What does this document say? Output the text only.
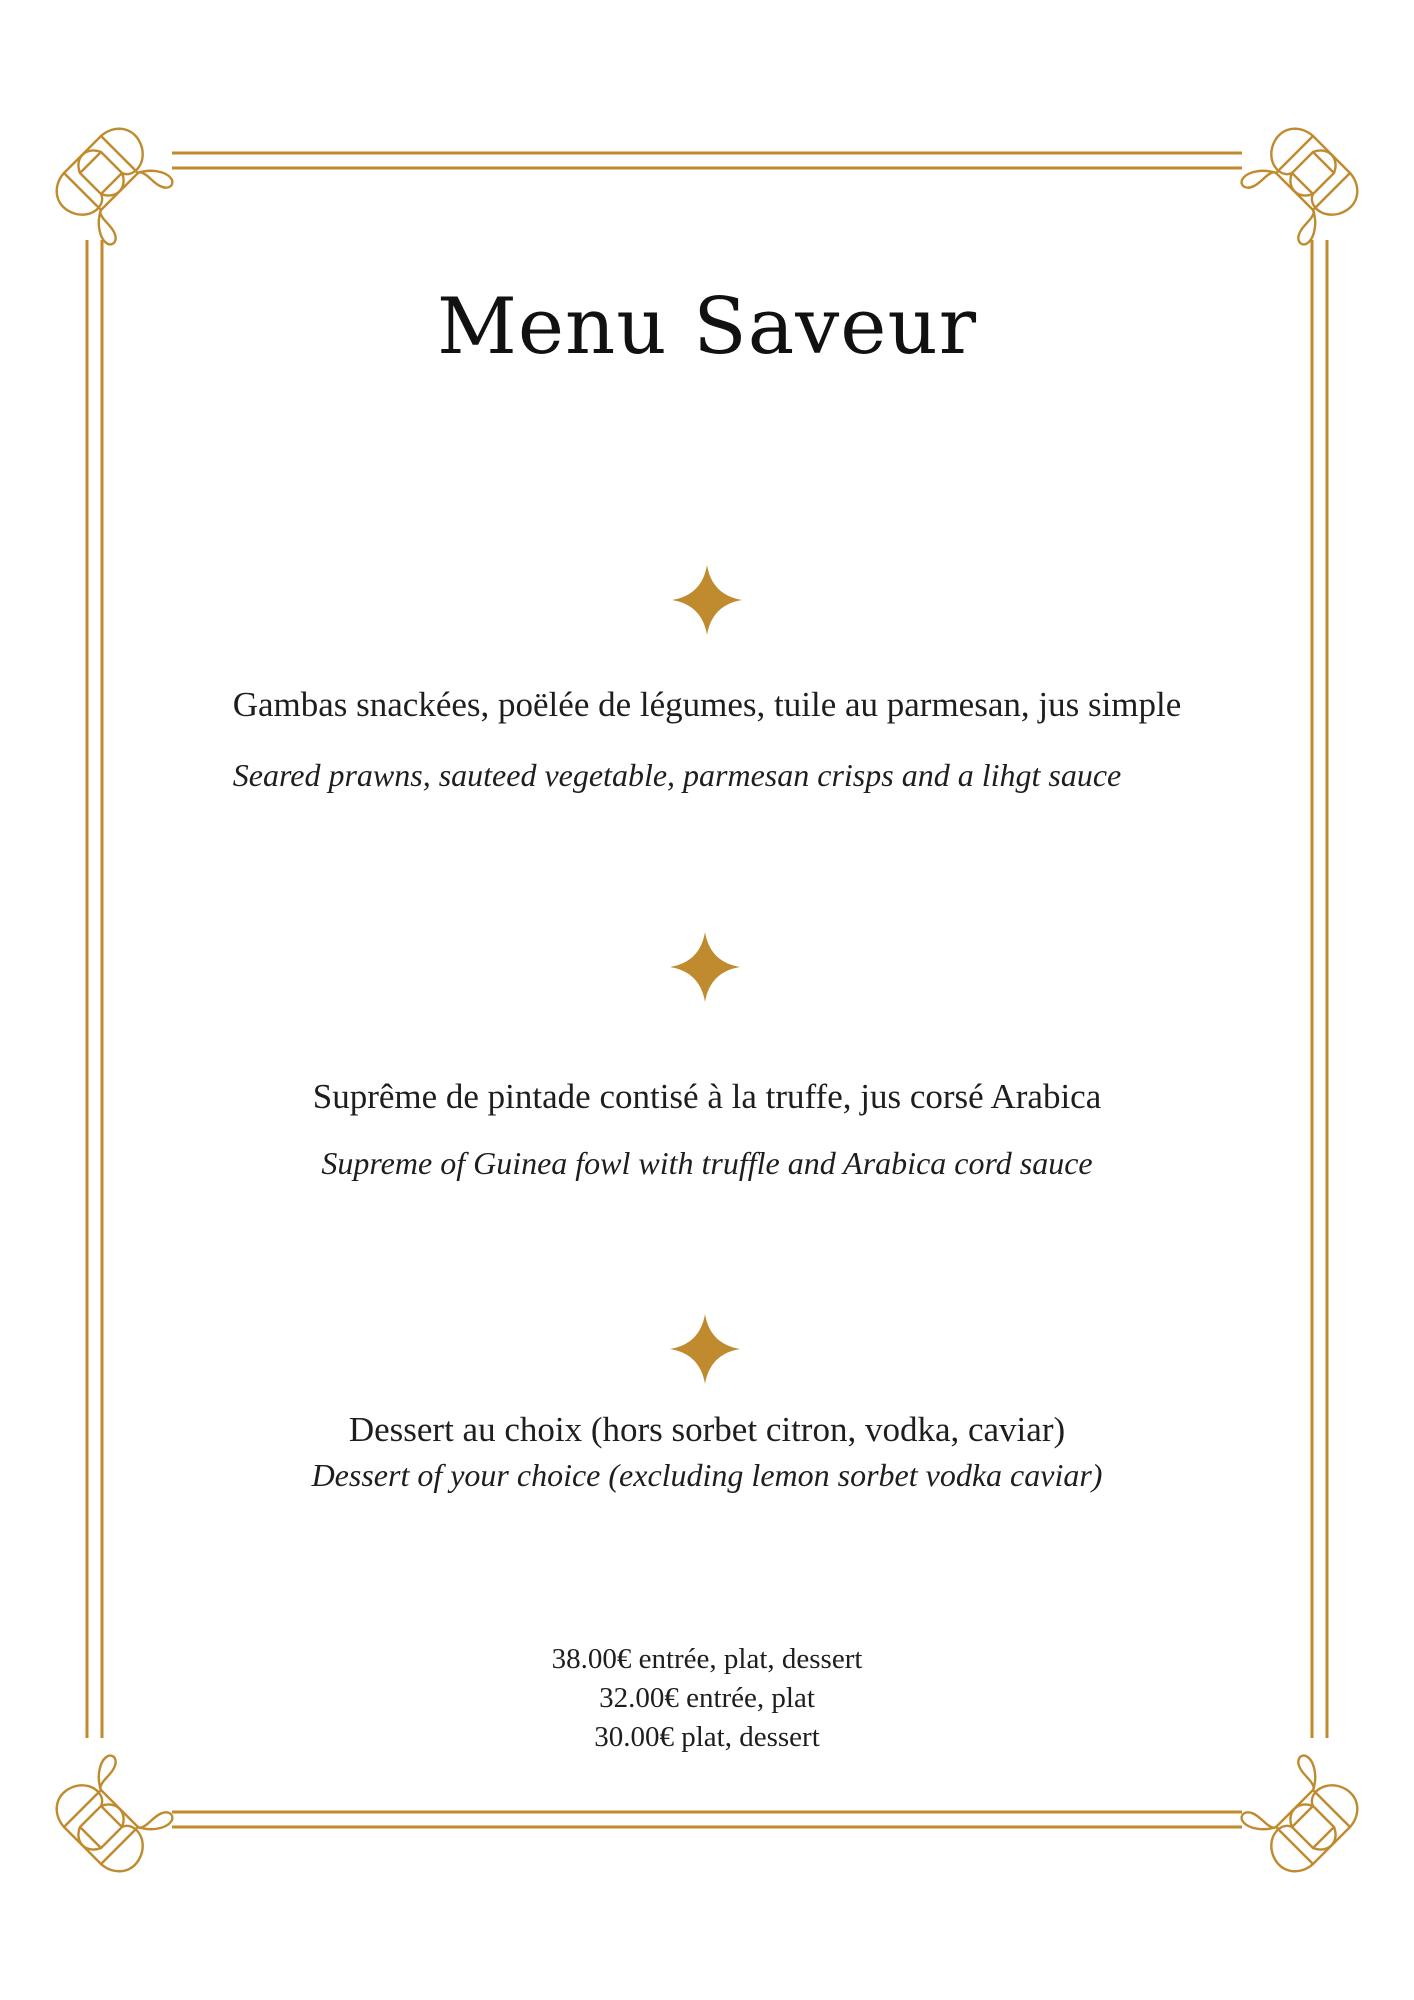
Menu Saveur
Gambas snackées, poëlée de légumes, tuile au parmesan, jus simple
Seared prawns, sauteed vegetable, parmesan crisps and a lihgt sauce
Suprême de pintade contisé à la truffe, jus corsé Arabica
Supreme of Guinea fowl with truffle and Arabica cord sauce
Dessert au choix (hors sorbet citron, vodka, caviar)
Dessert of your choice (excluding lemon sorbet vodka caviar)
38.00€ entrée, plat, dessert
32.00€ entrée, plat
30.00€ plat, dessert
